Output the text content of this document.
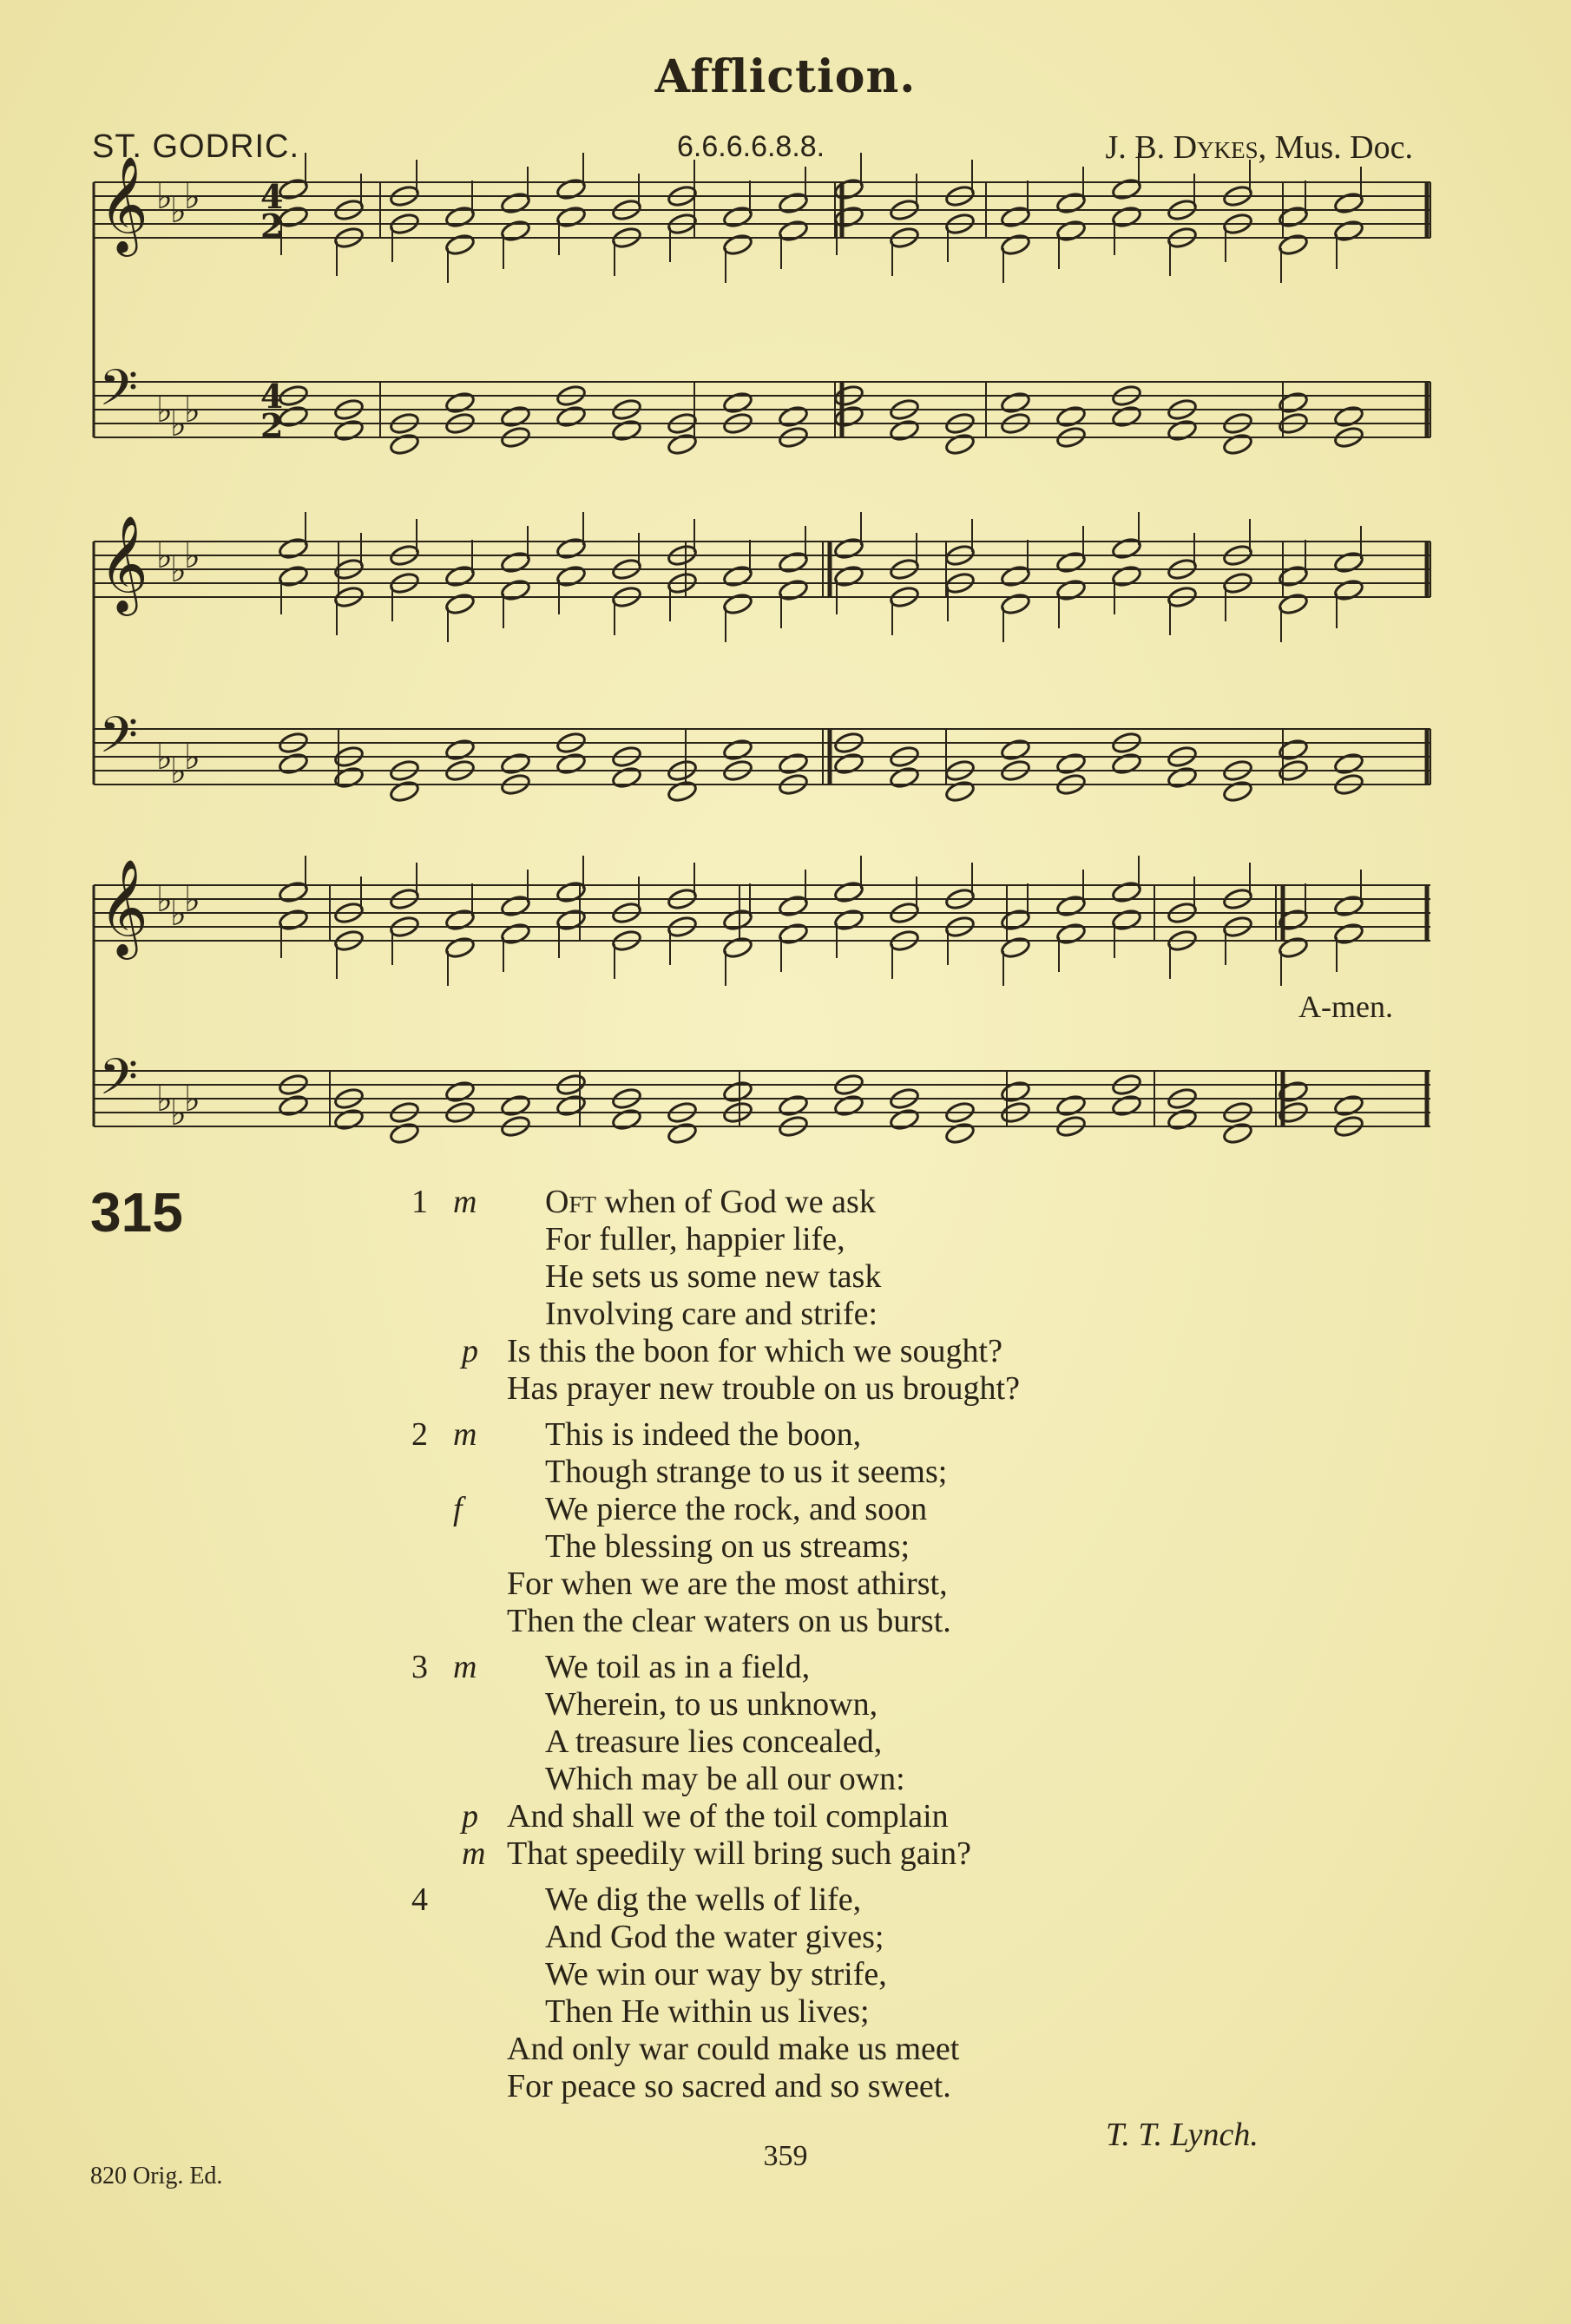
Affliction.
ST. GODRIC.	6.6.6.6.8.8.	J. B. Dykes, Mus. Doc.
𝄞 ♭
♭
♭
𝄢 ♭
♭
♭
𝄞 ♭
♭
♭
𝄢 ♭
♭
♭
𝄞 ♭
♭
♭
𝄢 ♭
♭
♭
4
2
4
2
A-men.
315	1 m Oft when of God we ask
For fuller, happier life,
He sets us some new task
Involving care and strife:
p Is this the boon for which we sought?
Has prayer new trouble on us brought?
2 m This is indeed the boon,
Though strange to us it seems;
f	We pierce the rock, and soon
The blessing on us streams;
For when we are the most athirst,
Then the clear waters on us burst.
3 m We toil as in a field,
Wherein, to us unknown,
A treasure lies concealed,
Which may be all our own:
p And shall we of the toil complain
m That speedily will bring such gain?
4	We dig the wells of life,
And God the water gives;
We win our way by strife,
Then He within us lives;
And only war could make us meet
For peace so sacred and so sweet.
T. T. Lynch.
359
820 Orig. Ed.
